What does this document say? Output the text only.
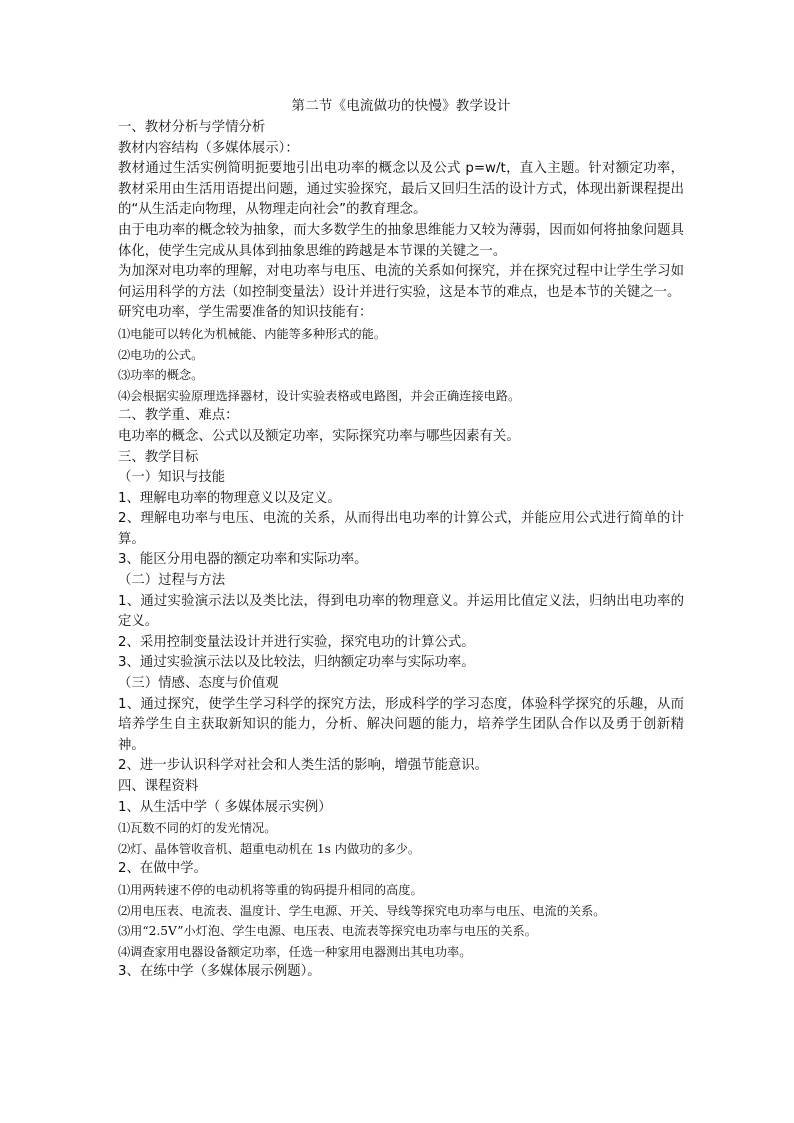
第二节《电流做功的快慢》教学设计

一、教材分析与学情分析

教材内容结构（多媒体展示）：

教材通过生活实例简明扼要地引出电功率的概念以及公式 p=w/t，直入主题。针对额定功率，教材采用由生活用语提出问题，通过实验探究，最后又回归生活的设计方式，体现出新课程提出的“从生活走向物理，从物理走向社会”的教育理念。

由于电功率的概念较为抽象，而大多数学生的抽象思维能力又较为薄弱，因而如何将抽象问题具体化，使学生完成从具体到抽象思维的跨越是本节课的关键之一。

为加深对电功率的理解，对电功率与电压、电流的关系如何探究，并在探究过程中让学生学习如何运用科学的方法（如控制变量法）设计并进行实验，这是本节的难点，也是本节的关键之一。

研究电功率，学生需要准备的知识技能有：

⑴电能可以转化为机械能、内能等多种形式的能。

⑵电功的公式。

⑶功率的概念。

⑷会根据实验原理选择器材，设计实验表格或电路图，并会正确连接电路。

二、教学重、难点：

电功率的概念、公式以及额定功率，实际探究功率与哪些因素有关。

三、教学目标

（一）知识与技能

1、理解电功率的物理意义以及定义。

2、理解电功率与电压、电流的关系，从而得出电功率的计算公式，并能应用公式进行简单的计算。

3、能区分用电器的额定功率和实际功率。

（二）过程与方法

1、通过实验演示法以及类比法，得到电功率的物理意义。并运用比值定义法，归纳出电功率的定义。

2、采用控制变量法设计并进行实验，探究电功的计算公式。

3、通过实验演示法以及比较法，归纳额定功率与实际功率。

（三）情感、态度与价值观

1、通过探究，使学生学习科学的探究方法，形成科学的学习态度，体验科学探究的乐趣，从而培养学生自主获取新知识的能力，分析、解决问题的能力，培养学生团队合作以及勇于创新精神。

2、进一步认识科学对社会和人类生活的影响，增强节能意识。

四、课程资料

1、从生活中学（ 多媒体展示实例）

⑴瓦数不同的灯的发光情况。

⑵灯、晶体管收音机、超重电动机在 1s 内做功的多少。

2、在做中学。

⑴用两转速不停的电动机将等重的钩码提升相同的高度。

⑵用电压表、电流表、温度计、学生电源、开关、导线等探究电功率与电压、电流的关系。

⑶用“2.5V”小灯泡、学生电源、电压表、电流表等探究电功率与电压的关系。

⑷调查家用电器设备额定功率，任选一种家用电器测出其电功率。

3、在练中学（多媒体展示例题）。
